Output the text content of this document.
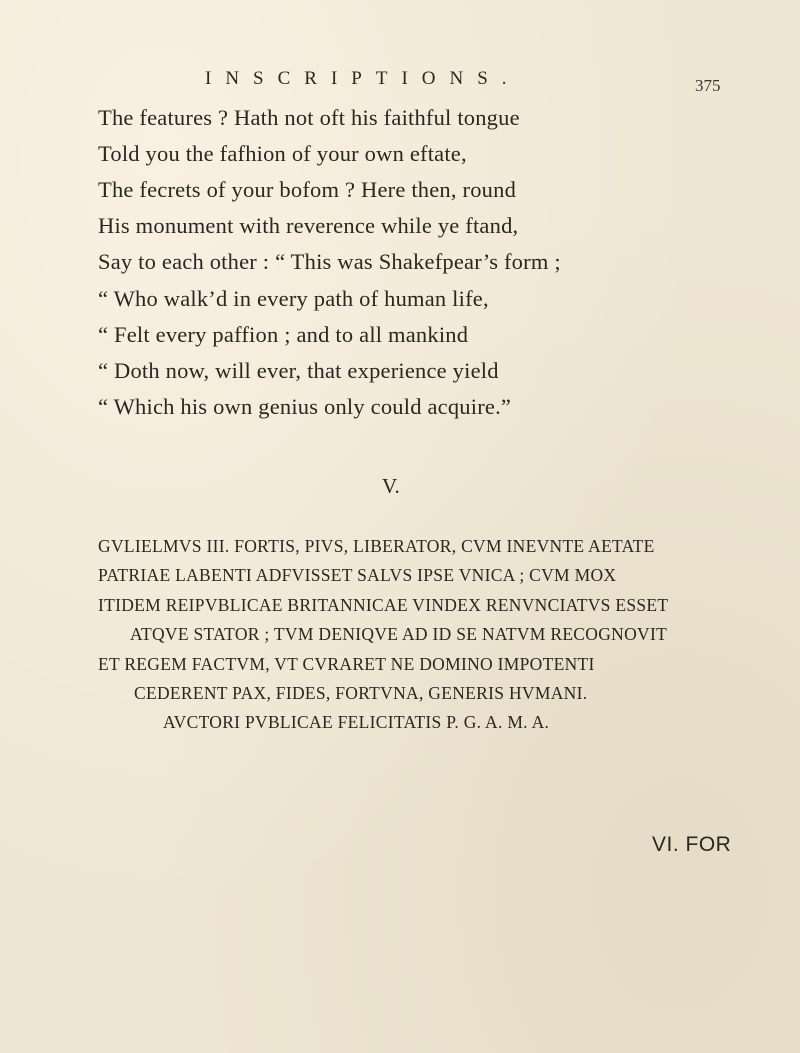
INSCRIPTIONS.	375
The features ? Hath not oft his faithful tongue
Told you the fafhion of your own eftate,
The fecrets of your bofom ? Here then, round
His monument with reverence while ye ftand,
Say to each other : “ This was Shakefpear’s form ;
“ Who walk’d in every path of human life,
“ Felt every paffion ; and to all mankind
“ Doth now, will ever, that experience yield
“ Which his own genius only could acquire.”
V.
GVLIELMVS III. FORTIS, PIVS, LIBERATOR, CVM INEVNTE AETATE
PATRIAE LABENTI ADFVISSET SALVS IPSE VNICA ; CVM MOX
ITIDEM REIPVBLICAE BRITANNICAE VINDEX RENVNCIATVS ESSET
ATQVE STATOR ; TVM DENIQVE AD ID SE NATVM RECOGNOVIT
ET REGEM FACTVM, VT CVRARET NE DOMINO IMPOTENTI
CEDERENT PAX, FIDES, FORTVNA, GENERIS HVMANI.
AVCTORI PVBLICAE FELICITATIS P. G. A. M. A.
VI. FOR
